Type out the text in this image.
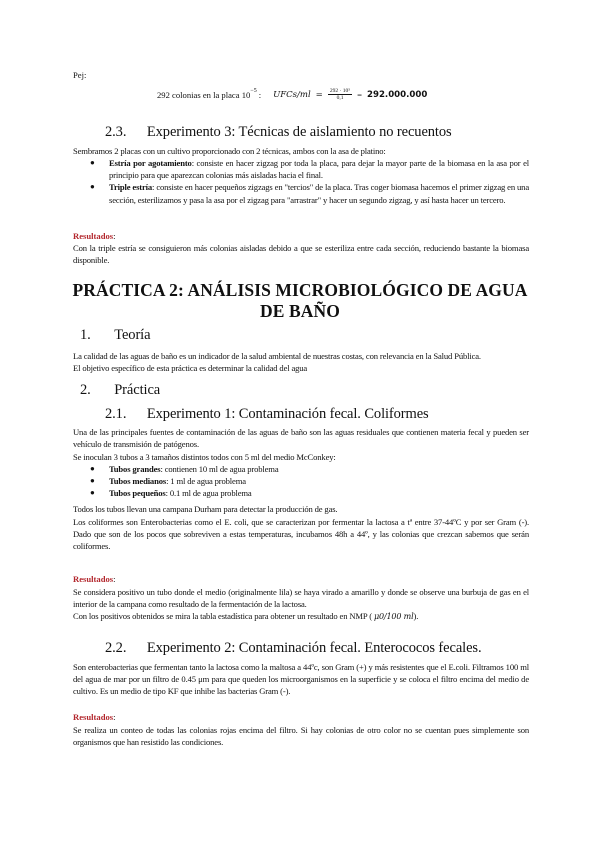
Pej:
292 colonias en la placa 10 −5 : UFCs/ml = $\frac{\text{292 · 10⁵}}{0,1} = 292.000.000$
2.3. Experimento 3: Técnicas de aislamiento no recuentos
Sembramos 2 placas con un cultivo proporcionado con 2 técnicas, ambos con la asa de platino:
● Estría por agotamiento: consiste en hacer zigzag por toda la placa, para dejar la mayor parte de la biomasa en la asa por el principio para que aparezcan colonias más aisladas hacia el final.
● Triple estría: consiste en hacer pequeños zigzags en "tercios" de la placa. Tras coger biomasa hacemos el primer zigzag en una sección, esterilizamos y pasa la asa por el zigzag para "arrastrar" y hacer un segundo zigzag, y así hasta hacer un tercero.
Resultados:
Con la triple estría se consiguieron más colonias aisladas debido a que se esteriliza entre cada sección, reduciendo bastante la biomasa disponible.
PRÁCTICA 2: ANÁLISIS MICROBIOLÓGICO DE AGUA DE BAÑO
1. Teoría
La calidad de las aguas de baño es un indicador de la salud ambiental de nuestras costas, con relevancia en la Salud Pública.
El objetivo específico de esta práctica es determinar la calidad del agua
2. Práctica
2.1. Experimento 1: Contaminación fecal. Coliformes
Una de las principales fuentes de contaminación de las aguas de baño son las aguas residuales que contienen materia fecal y pueden ser vehículo de transmisión de patógenos.
Se inoculan 3 tubos a 3 tamaños distintos todos con 5 ml del medio McConkey:
● Tubos grandes: contienen 10 ml de agua problema
● Tubos medianos: 1 ml de agua problema
● Tubos pequeños: 0.1 ml de agua problema
Todos los tubos llevan una campana Durham para detectar la producción de gas.
Los coliformes son Enterobacterias como el E. coli, que se caracterizan por fermentar la lactosa a tª entre 37-44ºC y por ser Gram (-). Dado que son de los pocos que sobreviven a estas temperaturas, incubamos 48h a 44º, y las colonias que crezcan sabemos que serán coliformes.
Resultados:
Se considera positivo un tubo donde el medio (originalmente lila) se haya virado a amarillo y donde se observe una burbuja de gas en el interior de la campana como resultado de la fermentación de la lactosa.
Con los positivos obtenidos se mira la tabla estadística para obtener un resultado en NMP ( μ0/100 ml).
2.2. Experimento 2: Contaminación fecal. Enterococos fecales.
Son enterobacterias que fermentan tanto la lactosa como la maltosa a 44ºc, son Gram (+) y más resistentes que el E.coli. Filtramos 100 ml del agua de mar por un filtro de 0.45 μm para que queden los microorganismos en la superficie y se coloca el filtro encima del medio de cultivo. Es un medio de tipo KF que inhibe las bacterias Gram (-).
Resultados:
Se realiza un conteo de todas las colonias rojas encima del filtro. Si hay colonias de otro color no se cuentan pues simplemente son organismos que han resistido las condiciones.
